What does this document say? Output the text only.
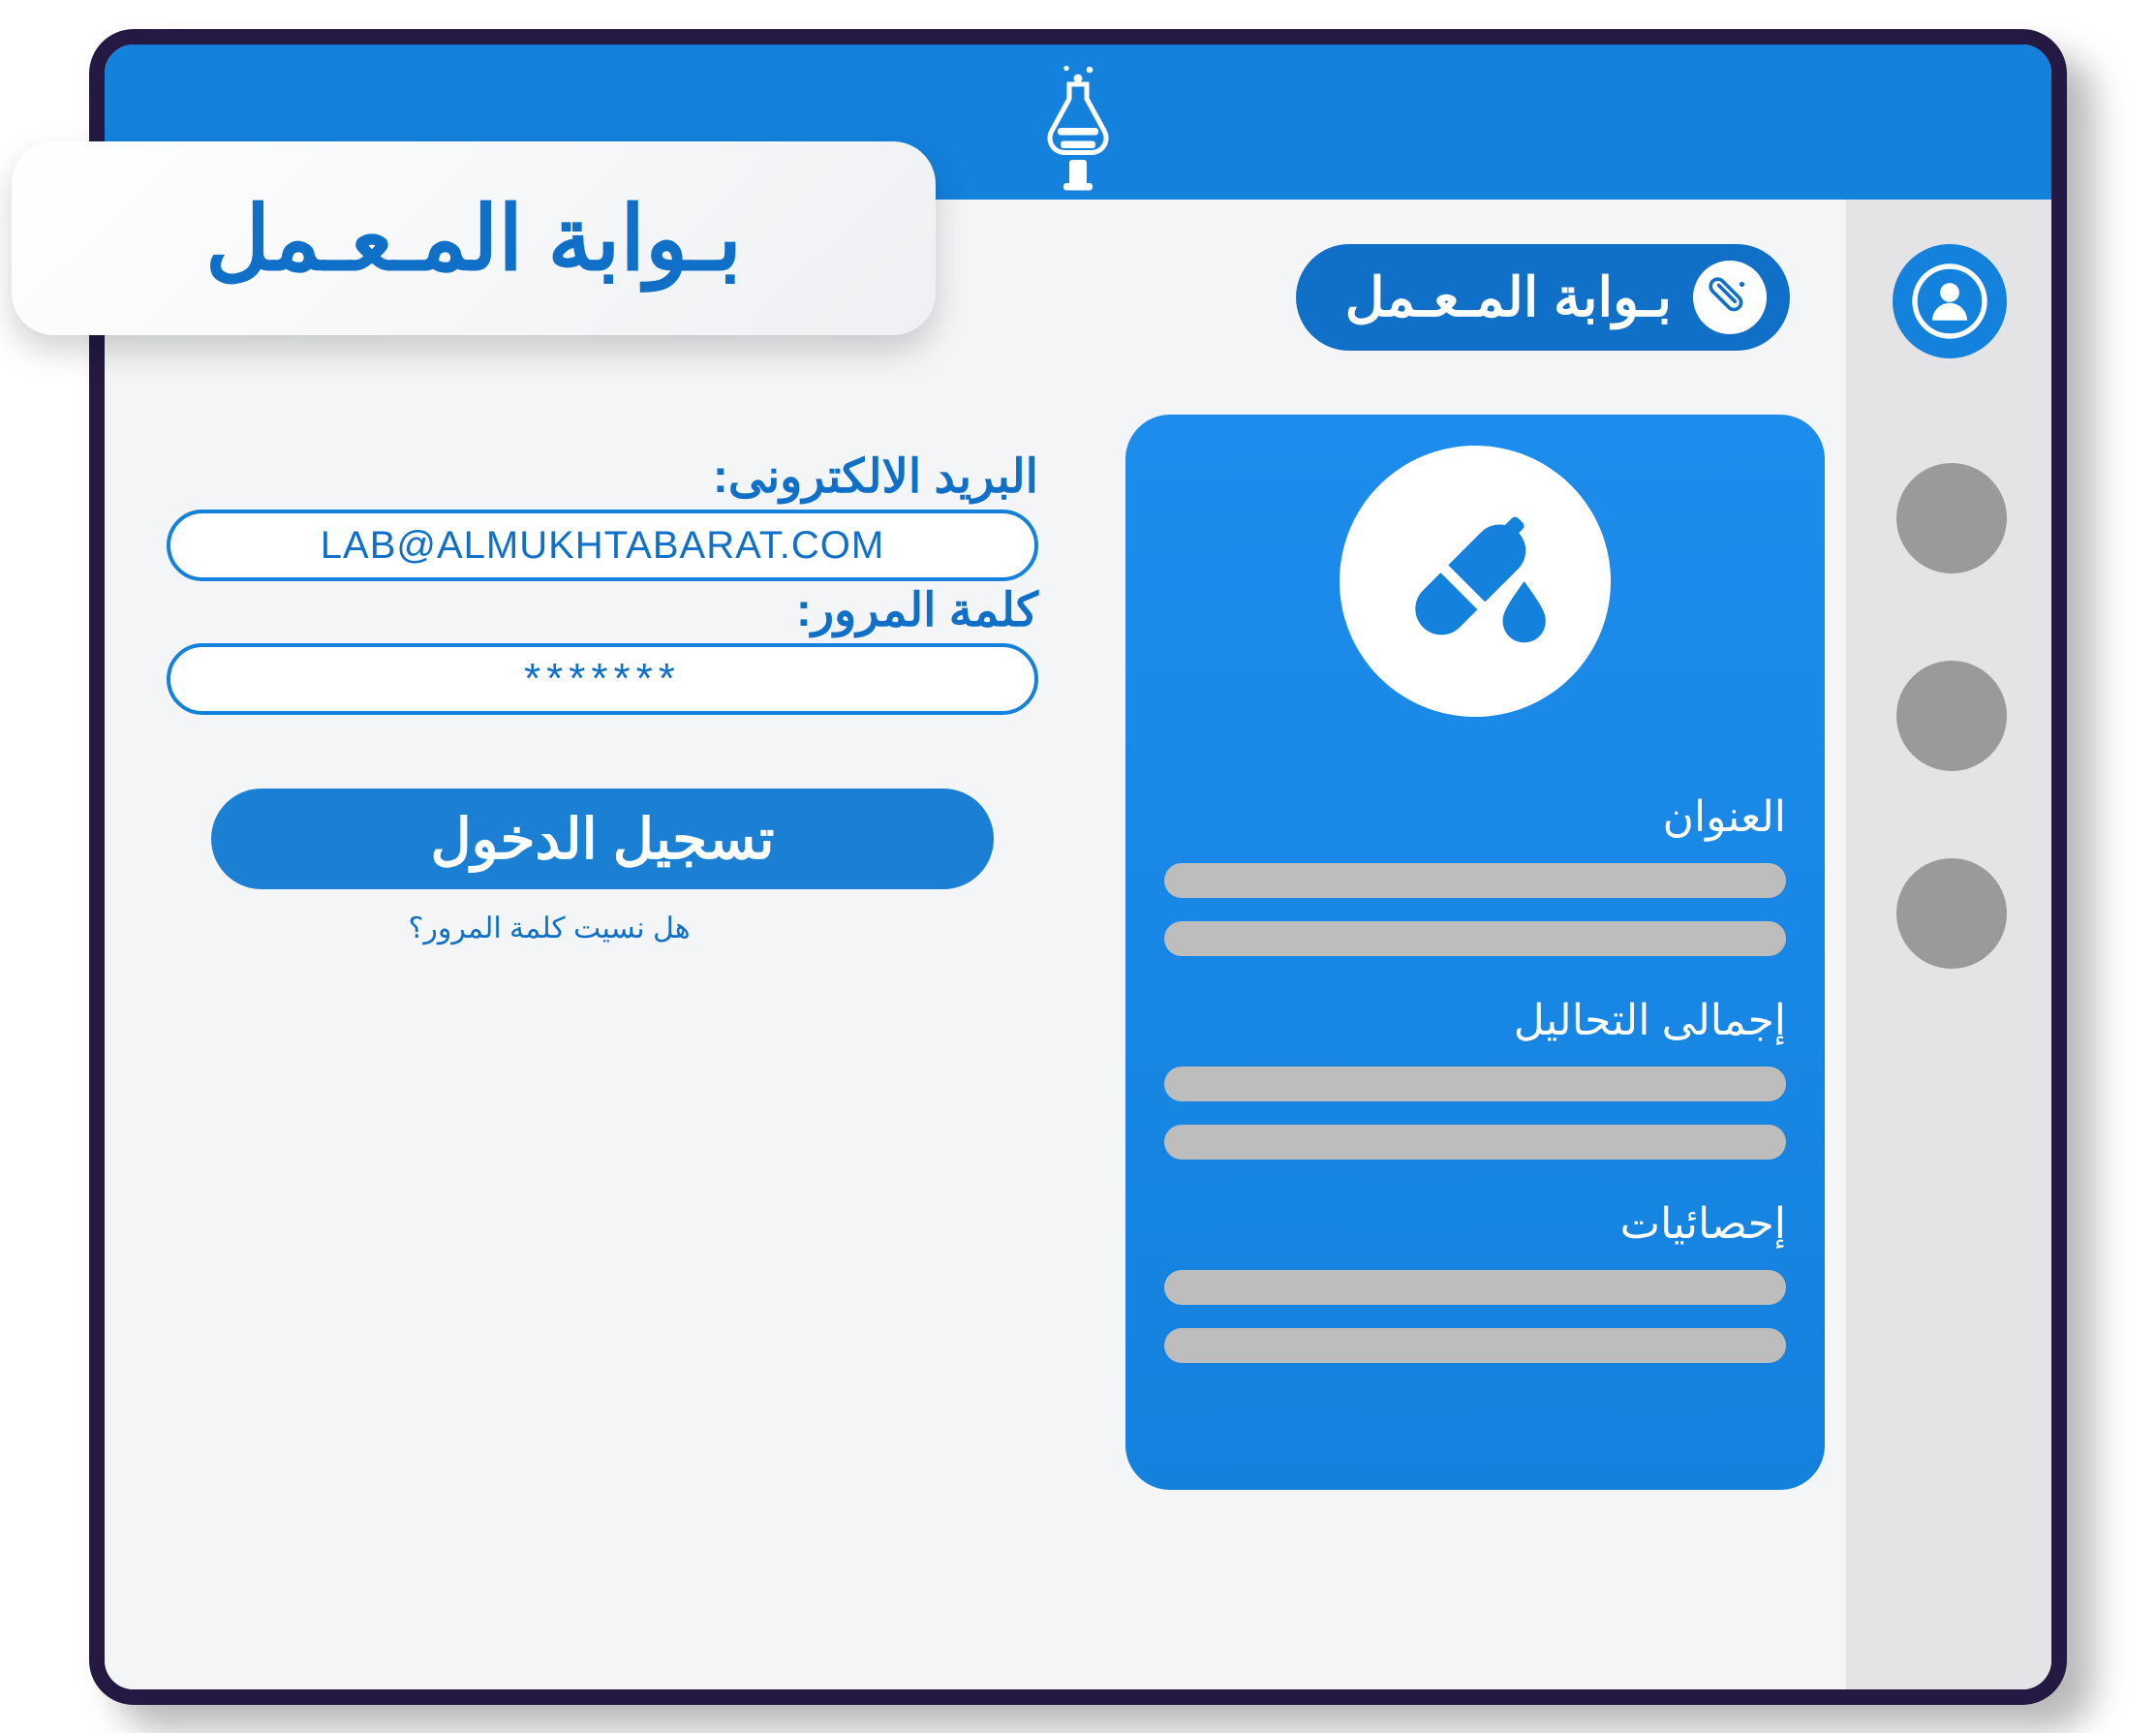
بـوابة المـعـمل

العنوان

إجمالى التحاليل

إحصائيات

البريد الالكترونى:
LAB@ALMUKHTABARAT.COM
كلمة المرور:
*******
تسجيل الدخول
هل نسيت كلمة المرور؟
بـوابة المـعـمل
